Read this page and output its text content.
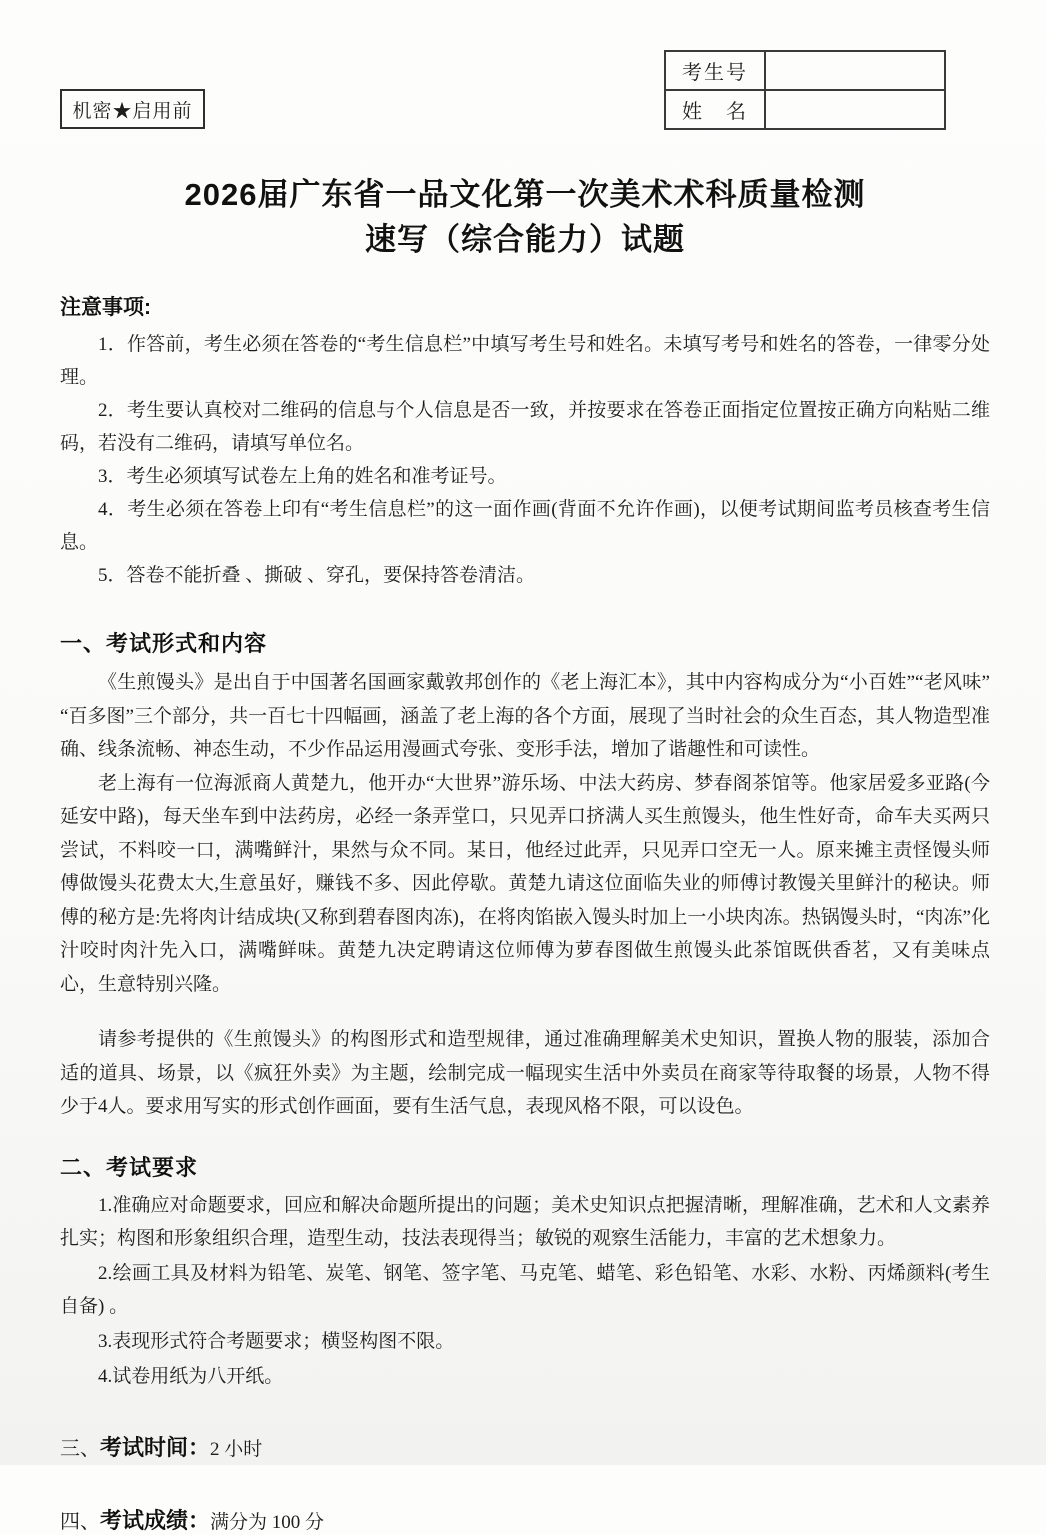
机密★启用前
考生号	
姓　名	
2026届广东省一品文化第一次美术术科质量检测
速写（综合能力）试题
注意事项:

1．作答前，考生必须在答卷的“考生信息栏”中填写考生号和姓名。未填写考号和姓名的答卷，一律零分处理。

2．考生要认真校对二维码的信息与个人信息是否一致，并按要求在答卷正面指定位置按正确方向粘贴二维码，若没有二维码，请填写单位名。

3．考生必须填写试卷左上角的姓名和准考证号。

4．考生必须在答卷上印有“考生信息栏”的这一面作画(背面不允许作画)，以便考试期间监考员核查考生信息。

5．答卷不能折叠 、撕破 、穿孔，要保持答卷清洁。

一、考试形式和内容

《生煎馒头》是出自于中国著名国画家戴敦邦创作的《老上海汇本》，其中内容构成分为“小百姓”“老风味”“百多图”三个部分，共一百七十四幅画，涵盖了老上海的各个方面，展现了当时社会的众生百态，其人物造型准确、线条流畅、神态生动，不少作品运用漫画式夸张、变形手法，增加了谐趣性和可读性。

老上海有一位海派商人黄楚九，他开办“大世界”游乐场、中法大药房、梦春阁茶馆等。他家居爱多亚路(今延安中路)，每天坐车到中法药房，必经一条弄堂口，只见弄口挤满人买生煎馒头，他生性好奇，命车夫买两只尝试，不料咬一口，满嘴鲜汁，果然与众不同。某日，他经过此弄，只见弄口空无一人。原来摊主责怪馒头师傅做馒头花费太大,生意虽好，赚钱不多、因此停歇。黄楚九请这位面临失业的师傅讨教馒关里鲜汁的秘诀。师傅的秘方是:先将肉计结成块(又称到碧春图肉冻)，在将肉馅嵌入馒头时加上一小块肉冻。热锅馒头时，“肉冻”化汁咬时肉汁先入口，满嘴鲜味。黄楚九决定聘请这位师傅为萝春图做生煎馒头此茶馆既供香茗，又有美味点心，生意特别兴隆。

请参考提供的《生煎馒头》的构图形式和造型规律，通过准确理解美术史知识，置换人物的服装，添加合适的道具、场景，以《疯狂外卖》为主题，绘制完成一幅现实生活中外卖员在商家等待取餐的场景，人物不得少于4人。要求用写实的形式创作画面，要有生活气息，表现风格不限，可以设色。

二、考试要求

1.准确应对命题要求，回应和解决命题所提出的问题；美术史知识点把握清晰，理解准确，艺术和人文素养扎实；构图和形象组织合理，造型生动，技法表现得当；敏锐的观察生活能力，丰富的艺术想象力。

2.绘画工具及材料为铅笔、炭笔、钢笔、签字笔、马克笔、蜡笔、彩色铅笔、水彩、水粉、丙烯颜料(考生自备) 。

3.表现形式符合考题要求；横竖构图不限。

4.试卷用纸为八开纸。

三、考试时间：2 小时
四、考试成绩：满分为 100 分
